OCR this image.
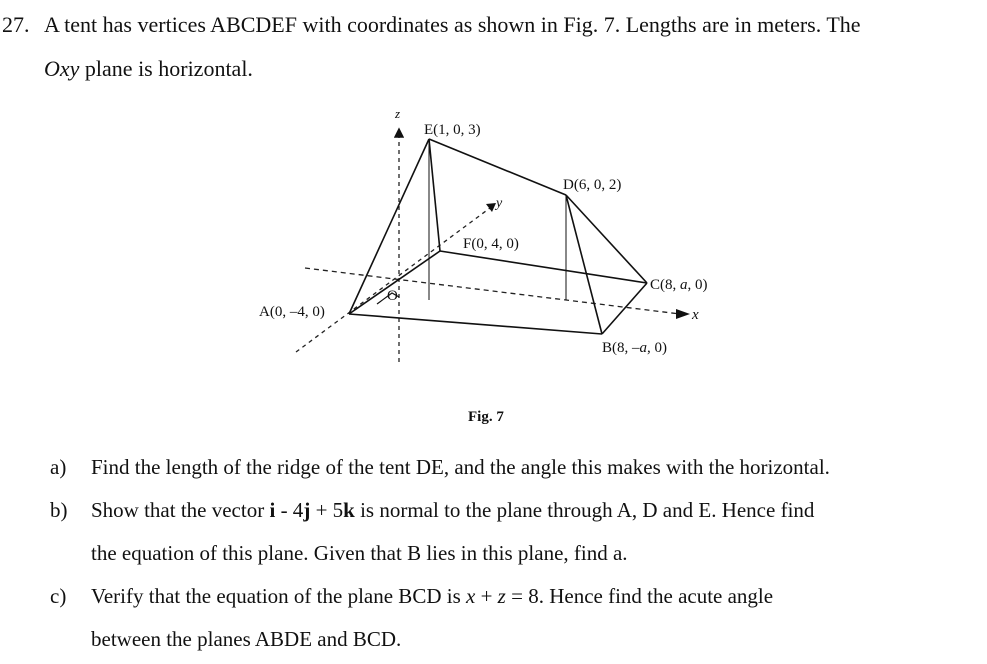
27. A tent has vertices ABCDEF with coordinates as shown in Fig. 7. Lengths are in meters. The
Oxy plane is horizontal.
z
E(1, 0, 3)
D(6, 0, 2)
y
F(0, 4, 0)
C(8, a, 0)
O
A(0, –4, 0)	x
B(8, –a, 0)
Fig. 7
a) Find the length of the ridge of the tent DE, and the angle this makes with the horizontal.
b) Show that the vector i - 4j + 5k is normal to the plane through A, D and E. Hence find
the equation of this plane. Given that B lies in this plane, find a.
c) Verify that the equation of the plane BCD is x + z = 8. Hence find the acute angle
between the planes ABDE and BCD.
